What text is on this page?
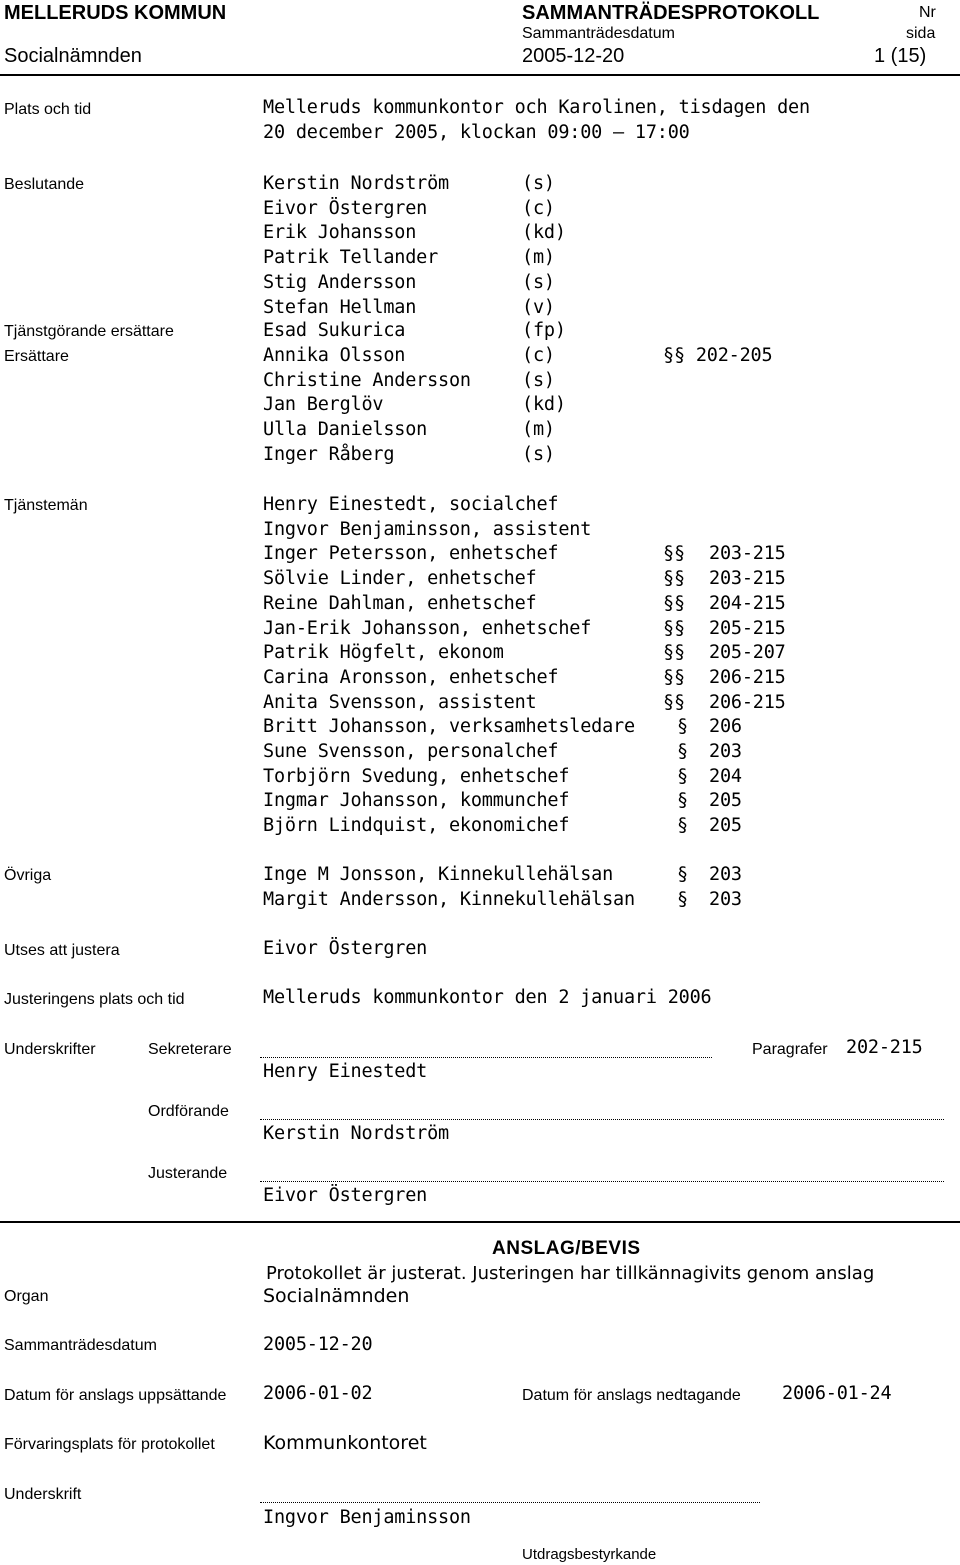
MELLERUDS KOMMUN	SAMMANTRÄDESPROTOKOLL	Nr
Sammanträdesdatum	sida
Socialnämnden	2005-12-20	1 (15)
Plats och tid	Melleruds kommunkontor och Karolinen, tisdagen den
20 december 2005, klockan 09:00 — 17:00
Beslutande	Kerstin Nordström	(s)
Eivor Östergren	(c)
Erik Johansson	(kd)
Patrik Tellander	(m)
Stig Andersson	(s)
Stefan Hellman	(v)
Tjänstgörande ersättare	Esad Sukurica	(fp)
Ersättare	Annika Olsson	(c)	§§ 202-205
Christine Andersson	(s)
Jan Berglöv	(kd)
Ulla Danielsson	(m)
Inger Råberg	(s)
Tjänstemän	Henry Einestedt, socialchef
Ingvor Benjaminsson, assistent
Inger Petersson, enhetschef	§§ 203-215
Sölvie Linder, enhetschef	§§ 203-215
Reine Dahlman, enhetschef	§§ 204-215
Jan-Erik Johansson, enhetschef	§§ 205-215
Patrik Högfelt, ekonom	§§ 205-207
Carina Aronsson, enhetschef	§§ 206-215
Anita Svensson, assistent	§§ 206-215
Britt Johansson, verksamhetsledare § 206
Sune Svensson, personalchef	§ 203
Torbjörn Svedung, enhetschef	§ 204
Ingmar Johansson, kommunchef	§ 205
Björn Lindquist, ekonomichef	§ 205
Övriga	Inge M Jonsson, Kinnekullehälsan	§ 203
Margit Andersson, Kinnekullehälsan § 203
Utses att justera	Eivor Östergren
Justeringens plats och tid	Melleruds kommunkontor den 2 januari 2006
Underskrifter	Sekreterare	Paragrafer 202-215
Henry Einestedt
Ordförande
Kerstin Nordström
Justerande
Eivor Östergren
ANSLAG/BEVIS
Protokollet är justerat. Justeringen har tillkännagivits genom anslag
Organ	Socialnämnden
Sammanträdesdatum	2005-12-20
Datum för anslags uppsättande 2006-01-02	Datum för anslags nedtagande 2006-01-24
Förvaringsplats för protokollet	Kommunkontoret
Underskrift
Ingvor Benjaminsson
Utdragsbestyrkande
